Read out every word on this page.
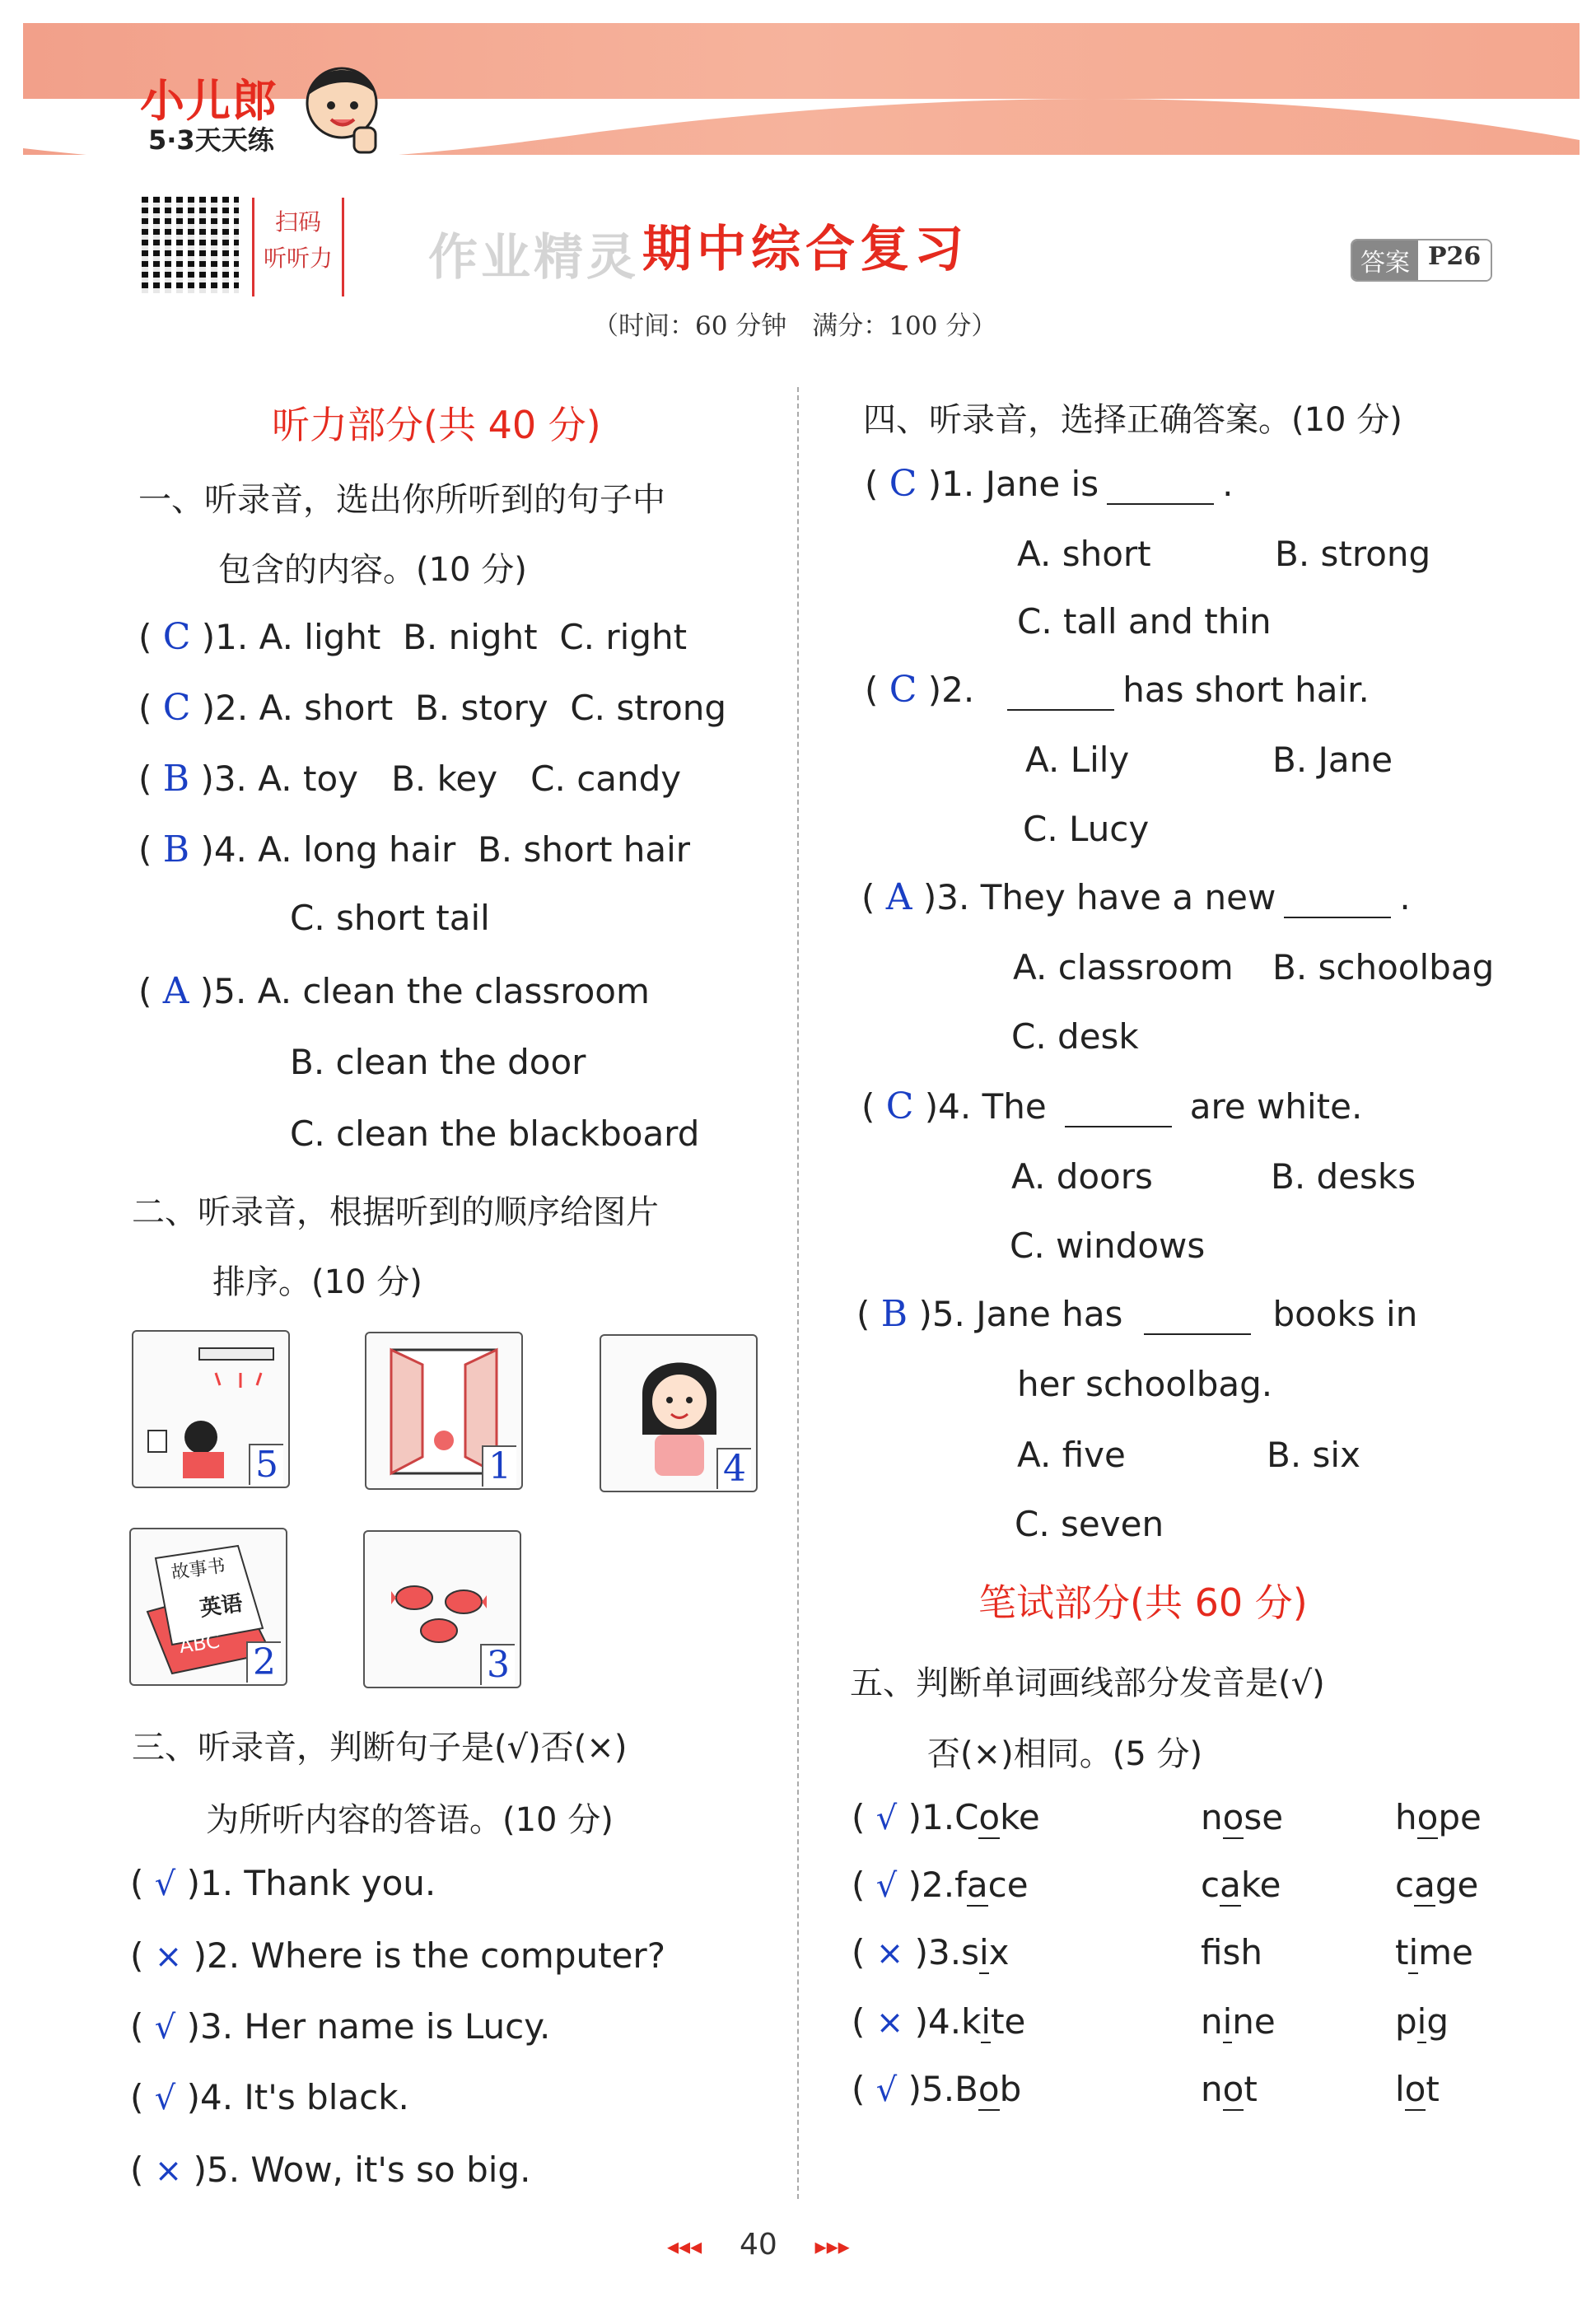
小儿郎
5·3天天练
扫码
听听力 作业精灵 期中综合复习	答案 P26
（时间：60 分钟　满分：100 分）
听力部分(共 40 分)
一、听录音，选出你所听到的句子中
包含的内容。(10 分)
( C )1. A. light B. night C. right
( C )2. A. short B. story C. strong
( B )3. A. toy B. key C. candy
( B )4. A. long hair B. short hair
C. short tail
( A )5. A. clean the classroom
B. clean the door
C. clean the blackboard
二、听录音，根据听到的顺序给图片
排序。(10 分)
5	1	4
故事书
英语
ABC 2	3
三、听录音，判断句子是(√)否(×)
为所听内容的答语。(10 分)
( √ )1. Thank you.
( × )2. Where is the computer?
( √ )3. Her name is Lucy.
( √ )4. It's black.
( × )5. Wow, it's so big.
四、听录音，选择正确答案。(10 分)
( C )1. Jane is	.
A. short	B. strong
C. tall and thin
( C )2.	has short hair.
A. Lily	B. Jane
C. Lucy
( A )3. They have a new	.
A. classroom B. schoolbag
C. desk
( C )4. The	are white.
A. doors	B. desks
C. windows
( B )5. Jane has	books in
her schoolbag.
A. five	B. six
C. seven
笔试部分(共 60 分)
五、判断单词画线部分发音是(√)
否(×)相同。(5 分)
( √ )1.Coke	nose	hope
( √ )2.face	cake	cage
( × )3.six	fsh	time
( × )4.kite	nine	pig
( √ )5.Bob	not	lot
◂◂◂ 40 ▸▸▸
